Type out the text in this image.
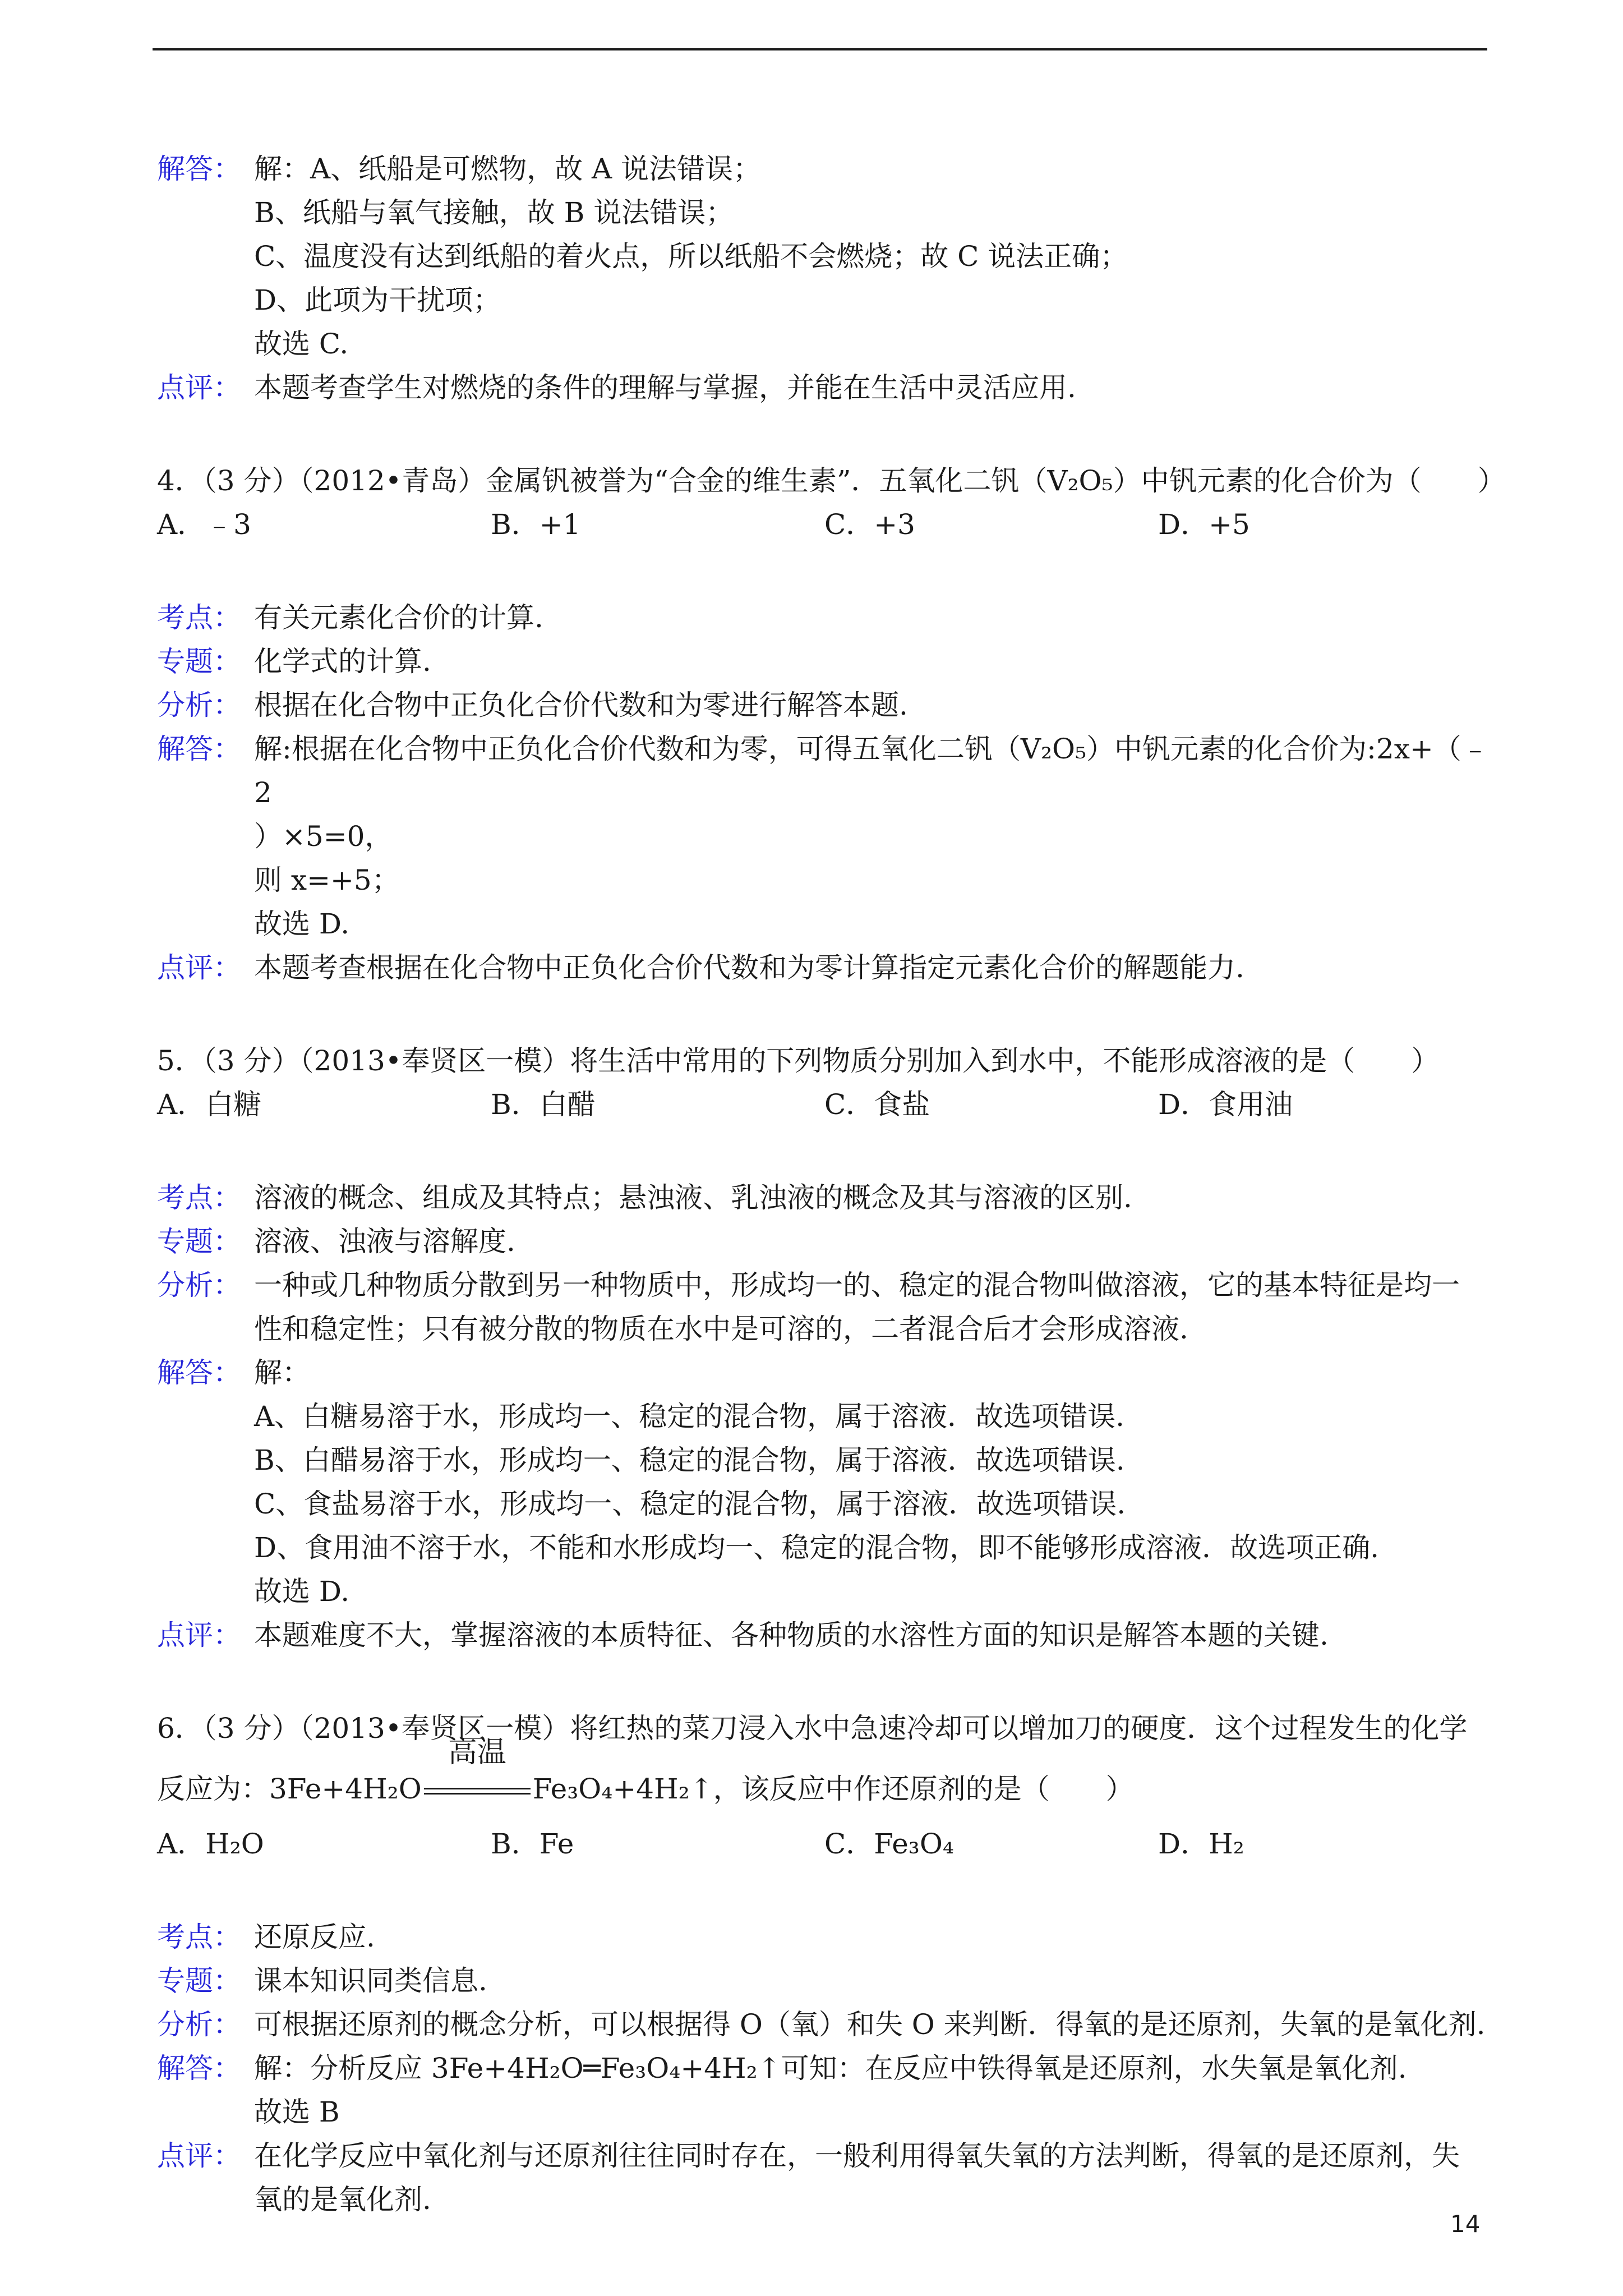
解答： 解：A、纸船是可燃物，故 A 说法错误；
B、纸船与氧气接触，故 B 说法错误；
C、温度没有达到纸船的着火点，所以纸船不会燃烧；故 C 说法正确；
D、此项为干扰项；
故选 C.
点评： 本题考查学生对燃烧的条件的理解与掌握，并能在生活中灵活应用.
4．（3 分）（2012•青岛）金属钒被誉为“合金的维生素”．五氧化二钒（V₂O₅）中钒元素的化合价为（　　）
A．﹣3	B．+1	C．+3	D．+5
考点： 有关元素化合价的计算.
专题： 化学式的计算.
分析： 根据在化合物中正负化合价代数和为零进行解答本题.
解答： 解:根据在化合物中正负化合价代数和为零，可得五氧化二钒（V₂O₅）中钒元素的化合价为:2x+（﹣2
）×5=0，
则 x=+5；
故选 D.
点评： 本题考查根据在化合物中正负化合价代数和为零计算指定元素化合价的解题能力.
5．（3 分）（2013•奉贤区一模）将生活中常用的下列物质分别加入到水中，不能形成溶液的是（　　）
A．白糖	B．白醋	C．食盐	D．食用油
考点： 溶液的概念、组成及其特点；悬浊液、乳浊液的概念及其与溶液的区别.
专题： 溶液、浊液与溶解度.
分析： 一种或几种物质分散到另一种物质中，形成均一的、稳定的混合物叫做溶液，它的基本特征是均一
性和稳定性；只有被分散的物质在水中是可溶的，二者混合后才会形成溶液.
解答： 解：
A、白糖易溶于水，形成均一、稳定的混合物，属于溶液．故选项错误.
B、白醋易溶于水，形成均一、稳定的混合物，属于溶液．故选项错误.
C、食盐易溶于水，形成均一、稳定的混合物，属于溶液．故选项错误.
D、食用油不溶于水，不能和水形成均一、稳定的混合物，即不能够形成溶液．故选项正确.
故选 D.
点评： 本题难度不大，掌握溶液的本质特征、各种物质的水溶性方面的知识是解答本题的关键.
6．（3 分）（2013•奉贤区一模）将红热的菜刀浸入水中急速冷却可以增加刀的硬度．这个过程发生的化学
反应为：3Fe+4H₂O
高温
Fe₃O₄+4H₂↑，该反应中作还原剂的是（　　）
A．H₂O	B．Fe	C．Fe₃O₄	D．H₂
考点： 还原反应.
专题： 课本知识同类信息.
分析： 可根据还原剂的概念分析，可以根据得 O（氧）和失 O 来判断．得氧的是还原剂，失氧的是氧化剂.
解答： 解：分析反应 3Fe+4H₂O═Fe₃O₄+4H₂↑可知：在反应中铁得氧是还原剂，水失氧是氧化剂.
故选 B
点评： 在化学反应中氧化剂与还原剂往往同时存在，一般利用得氧失氧的方法判断，得氧的是还原剂，失
氧的是氧化剂.
14
